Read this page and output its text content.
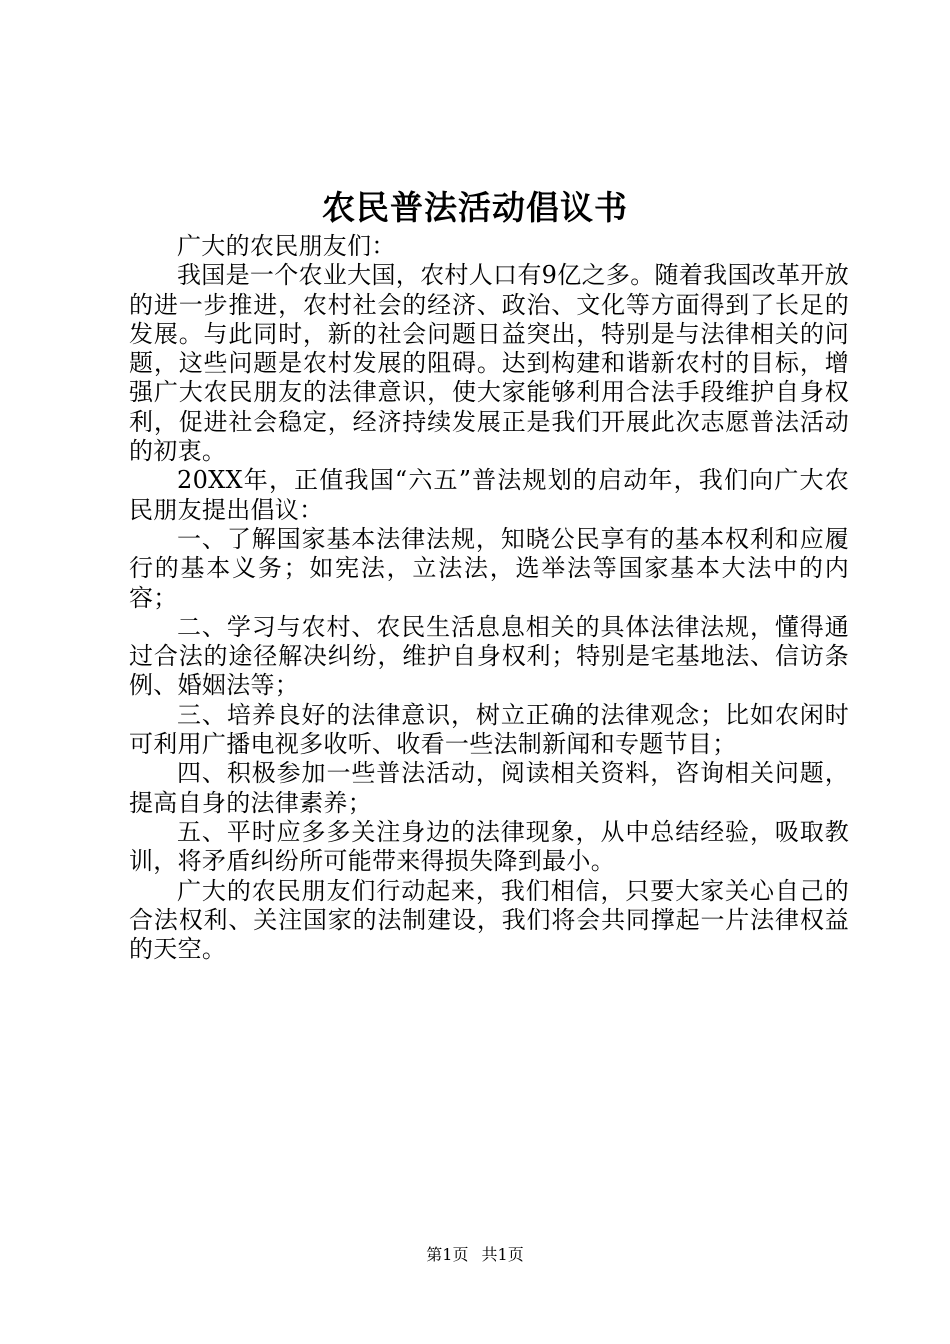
农民普法活动倡议书

广大的农民朋友们：

我国是一个农业大国，农村人口有9亿之多。随着我国改革开放的进一步推进，农村社会的经济、政治、文化等方面得到了长足的发展。与此同时，新的社会问题日益突出，特别是与法律相关的问题，这些问题是农村发展的阻碍。达到构建和谐新农村的目标，增强广大农民朋友的法律意识，使大家能够利用合法手段维护自身权利，促进社会稳定，经济持续发展正是我们开展此次志愿普法活动的初衷。

20XX年，正值我国“六五”普法规划的启动年，我们向广大农民朋友提出倡议：

一、了解国家基本法律法规，知晓公民享有的基本权利和应履行的基本义务；如宪法，立法法，选举法等国家基本大法中的内容；

二、学习与农村、农民生活息息相关的具体法律法规，懂得通过合法的途径解决纠纷，维护自身权利；特别是宅基地法、信访条例、婚姻法等；

三、培养良好的法律意识，树立正确的法律观念；比如农闲时可利用广播电视多收听、收看一些法制新闻和专题节目；

四、积极参加一些普法活动，阅读相关资料，咨询相关问题，提高自身的法律素养；

五、平时应多多关注身边的法律现象，从中总结经验，吸取教训，将矛盾纠纷所可能带来得损失降到最小。

广大的农民朋友们行动起来，我们相信，只要大家关心自己的合法权利、关注国家的法制建设，我们将会共同撑起一片法律权益的天空。

第1页 共1页
